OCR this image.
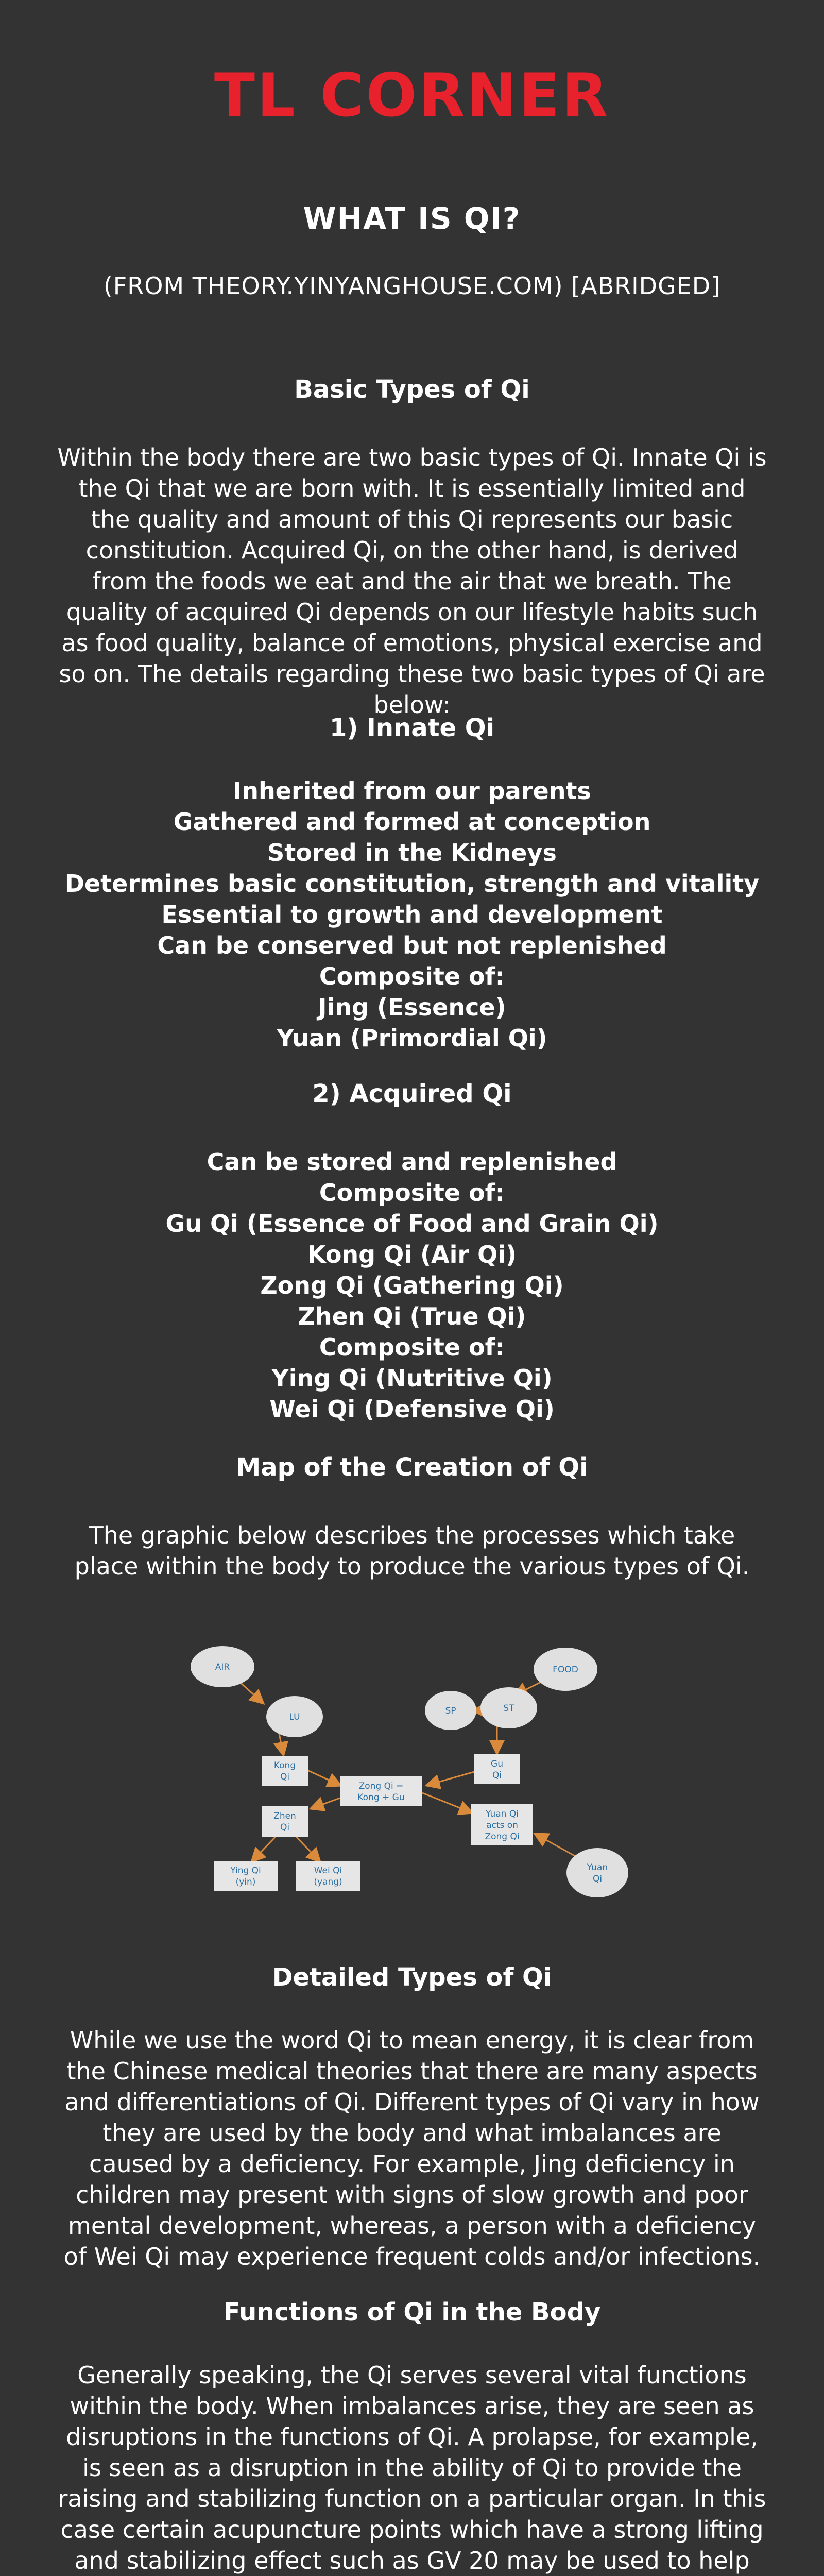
TL CORNER
WHAT IS QI?
(FROM THEORY.YINYANGHOUSE.COM) [ABRIDGED]
Basic Types of Qi
Within the body there are two basic types of Qi. Innate Qi is the Qi that we are born with. It is essentially limited and the quality and amount of this Qi represents our basic constitution. Acquired Qi, on the other hand, is derived from the foods we eat and the air that we breath. The quality of acquired Qi depends on our lifestyle habits such as food quality, balance of emotions, physical exercise and so on. The details regarding these two basic types of Qi are below:
1) Innate Qi
Inherited from our parents
Gathered and formed at conception
Stored in the Kidneys
Determines basic constitution, strength and vitality
Essential to growth and development
Can be conserved but not replenished
Composite of:
Jing (Essence)
Yuan (Primordial Qi)
2) Acquired Qi
Can be stored and replenished
Composite of:
Gu Qi (Essence of Food and Grain Qi)
Kong Qi (Air Qi)
Zong Qi (Gathering Qi)
Zhen Qi (True Qi)
Composite of:
Ying Qi (Nutritive Qi)
Wei Qi (Defensive Qi)
Map of the Creation of Qi
The graphic below describes the processes which take place within the body to produce the various types of Qi.
AIR
LU
SP	ST
FOOD
Yuan
Qi
Kong
Qi
Gu
Qi
Zong Qi =
Kong + Gu
Zhen
Qi
Yuan Qi
acts on
Zong Qi
Ying Qi
(yin)
Wei Qi
(yang)
Detailed Types of Qi
While we use the word Qi to mean energy, it is clear from the Chinese medical theories that there are many aspects and differentiations of Qi. Different types of Qi vary in how they are used by the body and what imbalances are caused by a deficiency. For example, Jing deficiency in children may present with signs of slow growth and poor mental development, whereas, a person with a deficiency of Wei Qi may experience frequent colds and/or infections.
Functions of Qi in the Body
Generally speaking, the Qi serves several vital functions within the body. When imbalances arise, they are seen as disruptions in the functions of Qi. A prolapse, for example, is seen as a disruption in the ability of Qi to provide the raising and stabilizing function on a particular organ. In this case certain acupuncture points which have a strong lifting and stabilizing effect such as GV 20 may be used to help
